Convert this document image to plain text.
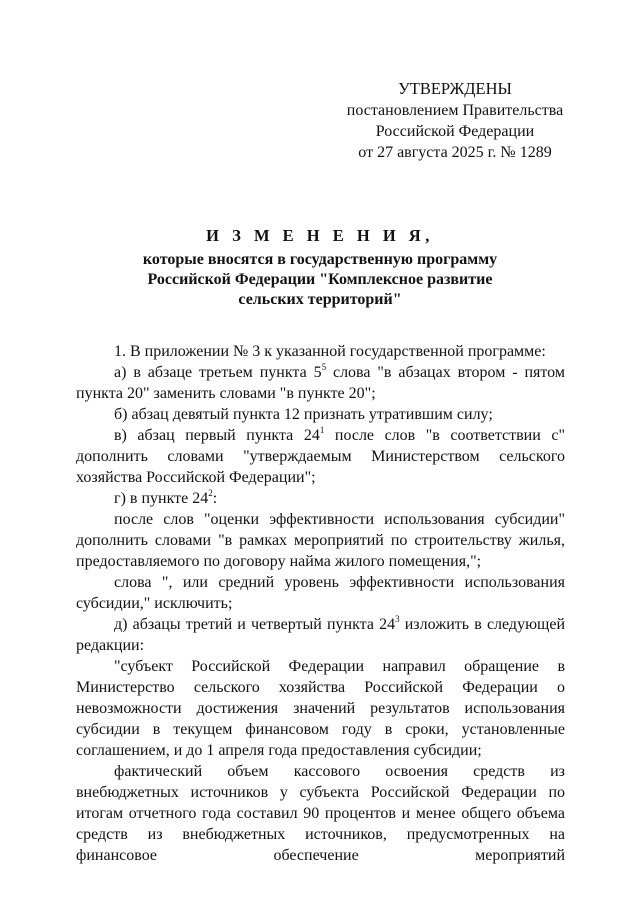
УТВЕРЖДЕНЫ
постановлением Правительства
Российской Федерации
от 27 августа 2025 г. № 1289
И З М Е Н Е Н И Я,
которые вносятся в государственную программу
Российской Федерации "Комплексное развитие
сельских территорий"

1. В приложении № 3 к указанной государственной программе:

а) в абзаце третьем пункта $5^5$ слова "в абзацах втором - пятом пункта 20" заменить словами "в пункте 20";

б) абзац девятый пункта 12 признать утратившим силу;

в) абзац первый пункта $24^1$ после слов "в соответствии с" дополнить словами "утверждаемым Министерством сельского хозяйства Российской Федерации";

г) в пункте $24^2$:

после слов "оценки эффективности использования субсидии" дополнить словами "в рамках мероприятий по строительству жилья, предоставляемого по договору найма жилого помещения,";

слова ", или средний уровень эффективности использования субсидии," исключить;

д) абзацы третий и четвертый пункта $24^3$ изложить в следующей редакции:

"субъект Российской Федерации направил обращение в Министерство сельского хозяйства Российской Федерации о невозможности достижения значений результатов использования субсидии в текущем финансовом году в сроки, установленные соглашением, и до 1 апреля года предоставления субсидии;

фактический объем кассового освоения средств из внебюджетных источников у субъекта Российской Федерации по итогам отчетного года составил 90 процентов и менее общего объема средств из внебюджетных источников, предусмотренных на финансовое обеспечение мероприятий
